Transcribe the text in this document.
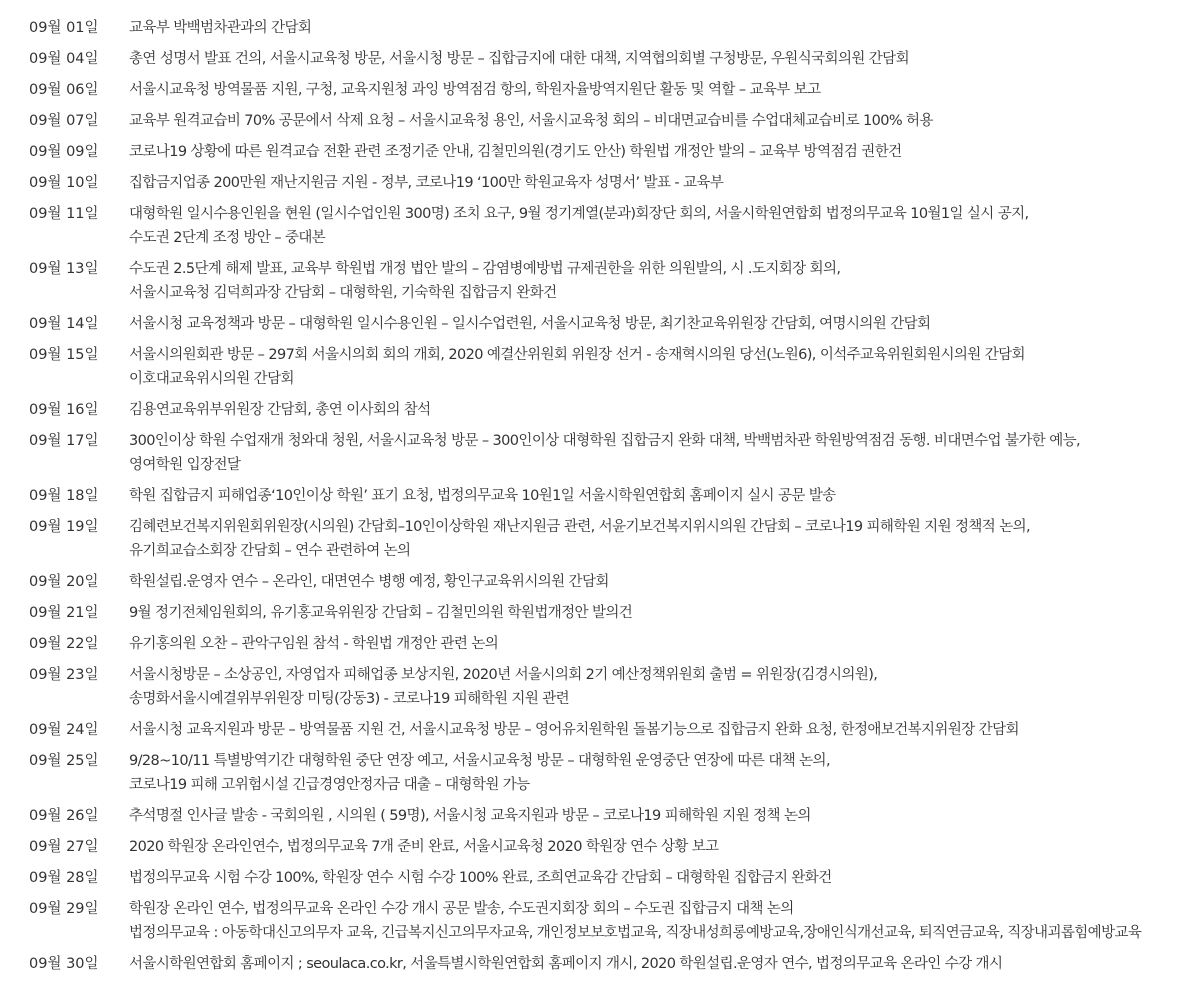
09월 01일	교육부 박백범차관과의 간담회
09월 04일	총연 성명서 발표 건의, 서울시교육청 방문, 서울시청 방문 – 집합금지에 대한 대책, 지역협의회별 구청방문, 우원식국회의원 간담회
09월 06일	서울시교육청 방역물품 지원, 구청, 교육지원청 과잉 방역점검 항의, 학원자율방역지원단 활동 및 역할 – 교육부 보고
09월 07일	교육부 원격교습비 70% 공문에서 삭제 요청 – 서울시교육청 용인, 서울시교육청 회의 – 비대면교습비를 수업대체교습비로 100% 허용
09월 09일	코로나19 상황에 따른 원격교습 전환 관련 조정기준 안내, 김철민의원(경기도 안산) 학원법 개정안 발의 – 교육부 방역점검 권한건
09월 10일	집합금지업종 200만원 재난지원금 지원 - 정부, 코로나19 ‘100만 학원교육자 성명서’ 발표 - 교육부
09월 11일	대형학원 일시수용인원을 현원 (일시수업인원 300명) 조치 요구, 9월 정기계열(분과)회장단 회의, 서울시학원연합회 법정의무교육 10월1일 실시 공지,
수도권 2단계 조정 방안 – 중대본
09월 13일	수도권 2.5단계 해제 발표, 교육부 학원법 개정 법안 발의 – 감염병예방법 규제권한을 위한 의원발의, 시 .도지회장 회의,
서울시교육청 김덕희과장 간담회 – 대형학원, 기숙학원 집합금지 완화건
09월 14일	서울시청 교육정책과 방문 – 대형학원 일시수용인원 – 일시수업련원, 서울시교육청 방문, 최기찬교육위원장 간담회, 여명시의원 간담회
09월 15일	서울시의원회관 방문 – 297회 서울시의회 회의 개회, 2020 예결산위원회 위원장 선거 - 송재혁시의원 당선(노원6), 이석주교육위원회원시의원 간담회
이호대교육위시의원 간담회
09월 16일	김용연교육위부위원장 간담회, 총연 이사회의 참석
09월 17일	300인이상 학원 수업재개 청와대 청원, 서울시교육청 방문 – 300인이상 대형학원 집합금지 완화 대책, 박백범차관 학원방역점검 동행. 비대면수업 불가한 예능,
영여학원 입장전달
09월 18일	학원 집합금지 피해업종‘10인이상 학원’ 표기 요청, 법정의무교육 10원1일 서울시학원연합회 홈페이지 실시 공문 발송
09월 19일	김혜련보건복지위원회위원장(시의원) 간담회–10인이상학원 재난지원금 관련, 서윤기보건복지위시의원 간담회 – 코로나19 피해학원 지원 정책적 논의,
유기희교습소회장 간담회 – 연수 관련하여 논의
09월 20일	학원설립.운영자 연수 – 온라인, 대면연수 병행 예정, 황인구교육위시의원 간담회
09월 21일	9월 정기전체임원회의, 유기홍교육위원장 간담회 – 김철민의원 학원법개정안 발의건
09월 22일	유기홍의원 오찬 – 관악구임원 참석 - 학원법 개정안 관련 논의
09월 23일	서울시청방문 – 소상공인, 자영업자 피해업종 보상지원, 2020년 서울시의회 2기 예산정책위원회 출범 = 위원장(김경시의원),
송명화서울시예결위부위원장 미팅(강동3) - 코로나19 피해학원 지원 관련
09월 24일	서울시청 교육지원과 방문 – 방역물품 지원 건, 서울시교육청 방문 – 영어유치원학원 돌봄기능으로 집합금지 완화 요청, 한정애보건복지위원장 간담회
09월 25일	9/28~10/11 특별방역기간 대형학원 중단 연장 예고, 서울시교육청 방문 – 대형학원 운영중단 연장에 따른 대책 논의,
코로나19 피해 고위험시설 긴급경영안정자금 대출 – 대형학원 가능
09월 26일	추석명절 인사글 발송 - 국회의원 , 시의원 ( 59명), 서울시청 교육지원과 방문 – 코로나19 피해학원 지원 정책 논의
09월 27일	2020 학원장 온라인연수, 법정의무교육 7개 준비 완료, 서울시교육청 2020 학원장 연수 상황 보고
09월 28일	법정의무교육 시험 수강 100%, 학원장 연수 시험 수강 100% 완료, 조희연교육감 간담회 – 대형학원 집합금지 완화건
09월 29일	학원장 온라인 연수, 법정의무교육 온라인 수강 개시 공문 발송, 수도권지회장 회의 – 수도권 집합금지 대책 논의
법정의무교육 : 아동학대신고의무자 교육, 긴급복지신고의무자교육, 개인정보보호법교육, 직장내성희롱예방교육,장애인식개선교육, 퇴직연금교육, 직장내괴롭힘예방교육
09월 30일	서울시학원연합회 홈페이지 ; seoulaca.co.kr, 서울특별시학원연합회 홈페이지 개시, 2020 학원설립.운영자 연수, 법정의무교육 온라인 수강 개시
